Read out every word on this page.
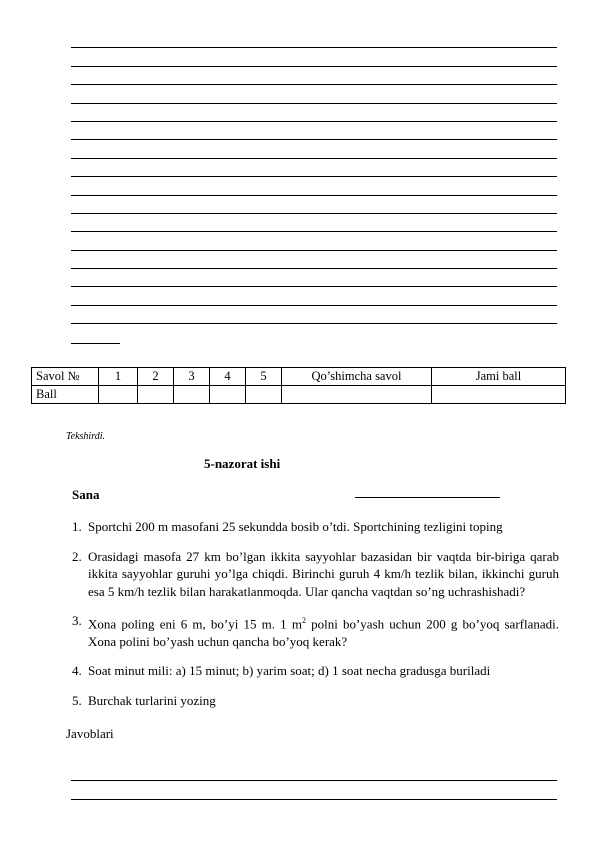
Savol №	1	2	3	4	5	Qo’shimcha savol	Jami ball
Ball							
Tekshirdi.
5-nazorat ishi
Sana
1. Sportchi 200 m masofani 25 sekundda bosib o’tdi. Sportchining tezligini toping
2. Orasidagi masofa 27 km bo’lgan ikkita sayyohlar bazasidan bir vaqtda bir-biriga qarab ikkita sayyohlar guruhi yo’lga chiqdi. Birinchi guruh 4 km/h tezlik bilan, ikkinchi guruh esa 5 km/h tezlik bilan harakatlanmoqda. Ular qancha vaqtdan so’ng uchrashishadi?
3. Xona poling eni 6 m, bo’yi 15 m. 1 $m^2$ polni bo’yash uchun 200 g bo’yoq sarflanadi. Xona polini bo’yash uchun qancha bo’yoq kerak?
4. Soat minut mili: a) 15 minut; b) yarim soat; d) 1 soat necha gradusga buriladi
5. Burchak turlarini yozing
Javoblari
